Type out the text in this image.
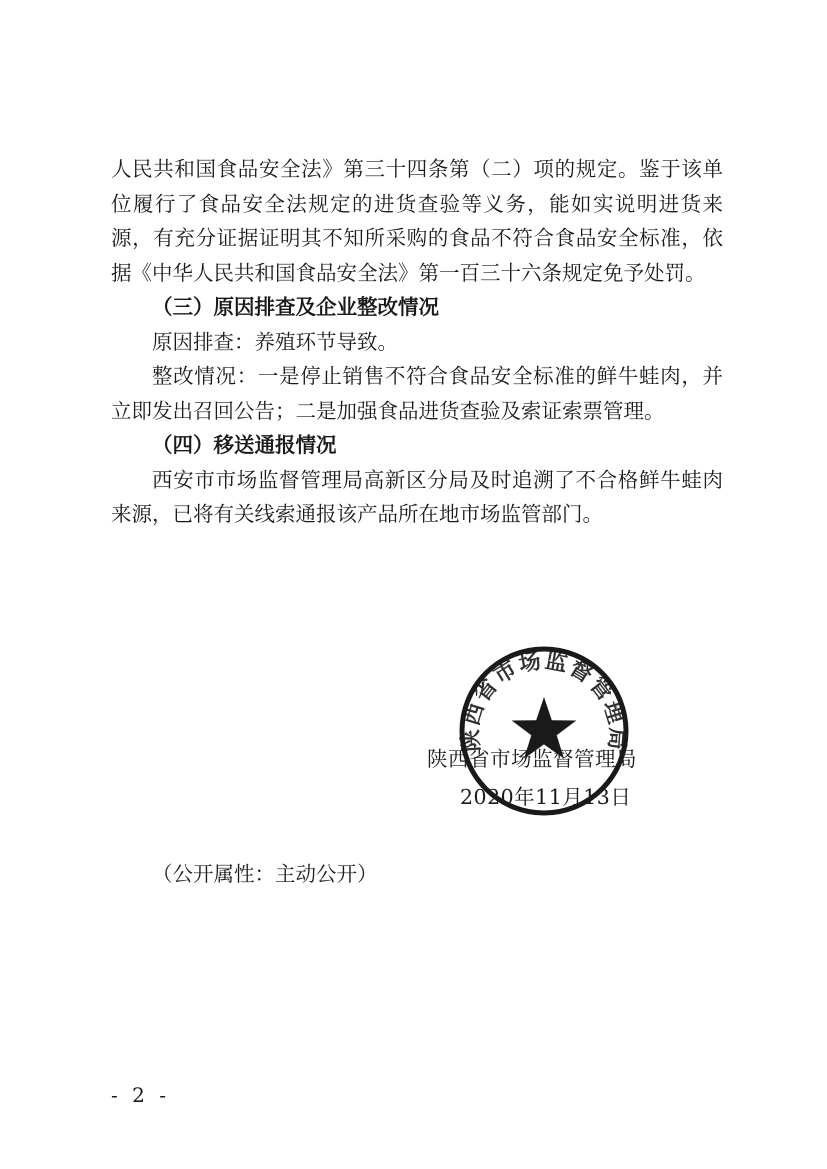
人民共和国食品安全法》第三十四条第（二）项的规定。鉴于该单位履行了食品安全法规定的进货查验等义务，能如实说明进货来源，有充分证据证明其不知所采购的食品不符合食品安全标准，依据《中华人民共和国食品安全法》第一百三十六条规定免予处罚。

（三）原因排查及企业整改情况

原因排查：养殖环节导致。

整改情况：一是停止销售不符合食品安全标准的鲜牛蛙肉，并立即发出召回公告；二是加强食品进货查验及索证索票管理。

（四）移送通报情况

西安市市场监督管理局高新区分局及时追溯了不合格鲜牛蛙肉来源，已将有关线索通报该产品所在地市场监管部门。

陕西省市场监督管理局
2020年11月13日
陕西省市场监督管理局
（公开属性：主动公开）
- 2 -
